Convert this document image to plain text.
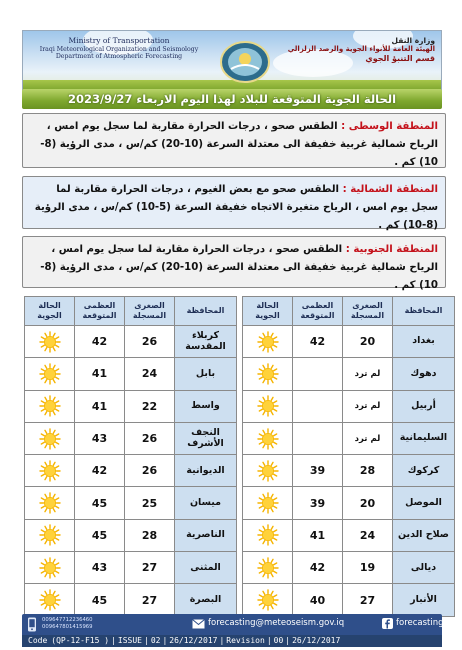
Ministry of Transportation
Iraqi Meteorological Organization and Seismology
Department of Atmospheric Forecasting
وزارة النقل
الهيئة العامة للأنواء الجوية والرصد الزلزالي
قسم التنبؤ الجوي
الحالة الجوية المتوقعة للبلاد لهذا اليوم الاربعاء 2023/9/27
المنطقة الوسطى : الطقس صحو ، درجات الحرارة مقاربة لما سجل يوم امس ، الرياح شمالية غربية خفيفة الى معتدلة السرعة (10-20) كم/س ، مدى الرؤية (8-10) كم .
المنطقة الشمالية : الطقس صحو مع بعض الغيوم ، درجات الحرارة مقاربة لما سجل يوم امس ، الرياح متغيرة الاتجاه خفيفة السرعة (5-10) كم/س ، مدى الرؤية (8-10) كم .
المنطقة الجنوبية : الطقس صحو ، درجات الحرارة مقاربة لما سجل يوم امس ، الرياح شمالية غربية خفيفة الى معتدلة السرعة (10-20) كم/س ، مدى الرؤية (8-10) كم .
المحافظة	الصغرى المسجلة	العظمى المتوقعة	الحالة الجوية		المحافظة	الصغرى المسجلة	العظمى المتوقعة	الحالة الجوية
بغداد	20	42			كربلاء المقدسة	26	42	

دهوك	لم ترد				بابل	24	41	

أربيل	لم ترد				واسط	22	41	

السليمانية	لم ترد				النجف الأشرف	26	43	

كركوك	28	39			الديوانية	26	42	

الموصل	20	39			ميسان	25	45	

صلاح الدين	24	41			الناصرية	28	45	

ديالى	19	42			المثنى	27	43	

الأنبار	27	40			البصرة	27	45	
009647712236460
009647801415969	forecasting@meteoseism.gov.iq	forecasting
Code (QP-12-F15 ) | ISSUE | 02 | 26/12/2017 | Revision | 00 | 26/12/2017
